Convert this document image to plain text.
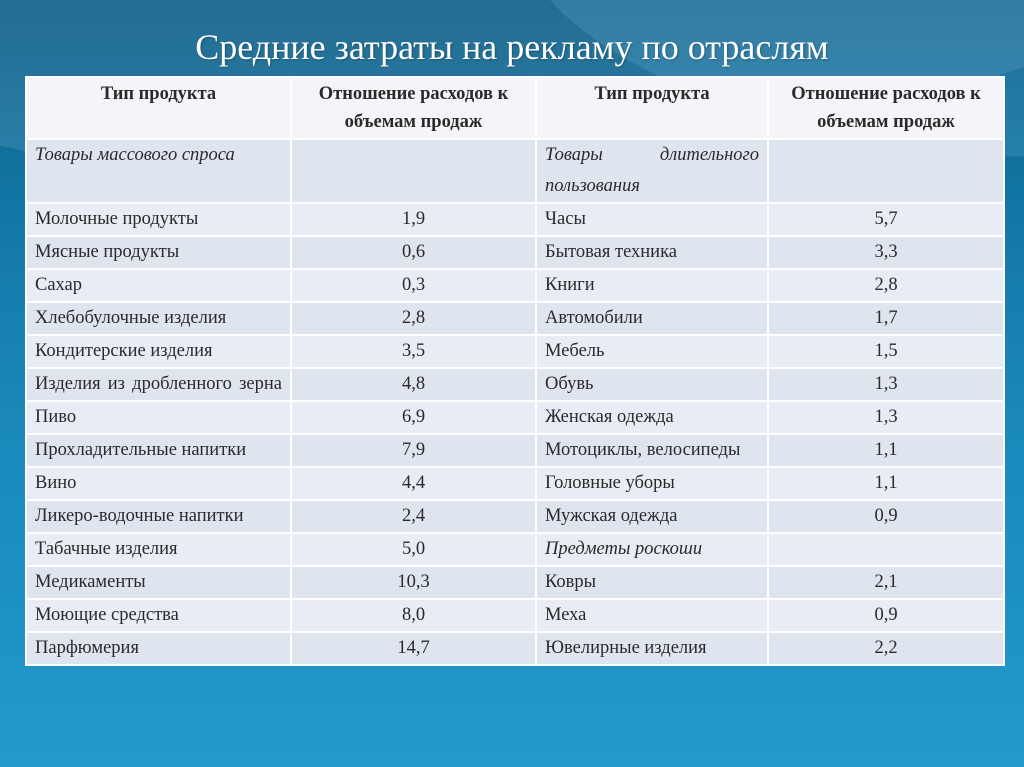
Средние затраты на рекламу по отраслям
Тип продукта	Отношение расходов к объемам продаж	Тип продукта	Отношение расходов к объемам продаж
Товары массового спроса		Товары длительного пользования	
Молочные продукты	1,9	Часы	5,7
Мясные продукты	0,6	Бытовая техника	3,3
Сахар	0,3	Книги	2,8
Хлебобулочные изделия	2,8	Автомобили	1,7
Кондитерские изделия	3,5	Мебель	1,5
Изделия из дробленного зерна	4,8	Обувь	1,3
Пиво	6,9	Женская одежда	1,3
Прохладительные напитки	7,9	Мотоциклы, велосипеды	1,1
Вино	4,4	Головные уборы	1,1
Ликеро-водочные напитки	2,4	Мужская одежда	0,9
Табачные изделия	5,0	Предметы роскоши	
Медикаменты	10,3	Ковры	2,1
Моющие средства	8,0	Меха	0,9
Парфюмерия	14,7	Ювелирные изделия	2,2
